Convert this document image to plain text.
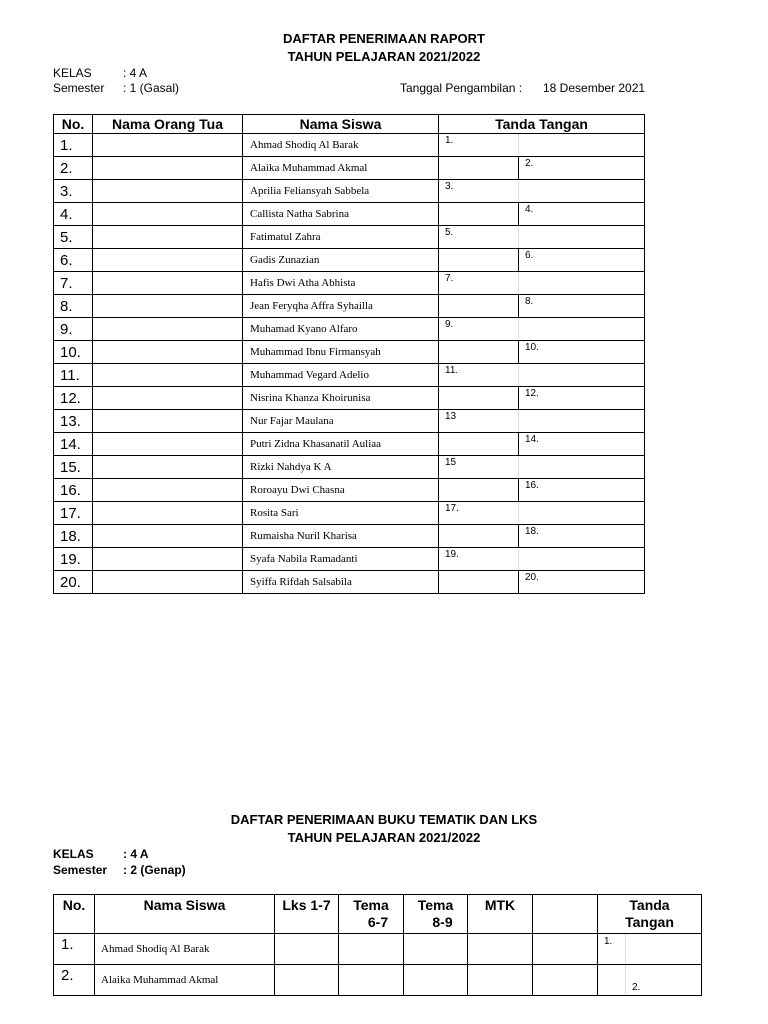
DAFTAR PENERIMAAN RAPORT
TAHUN PELAJARAN 2021/2022
KELAS	: 4 A
Semester : 1 (Gasal)	Tanggal Pengambilan : 18 Desember 2021
No.	Nama Orang Tua	Nama Siswa	Tanda Tangan	
1.		Ahmad Shodiq Al Barak	1.	
2.		Alaika Muhammad Akmal		2.
3.		Aprilia Feliansyah Sabbela	3.	
4.		Callista Natha Sabrina		4.
5.		Fatimatul Zahra	5.	
6.		Gadis Zunazian		6.
7.		Hafis Dwi Atha Abhista	7.	
8.		Jean Feryqha Affra Syhailla		8.
9.		Muhamad Kyano Alfaro	9.	
10.		Muhammad Ibnu Firmansyah		10.
11.		Muhammad Vegard Adelio	11.	
12.		Nisrina Khanza Khoirunisa		12.
13.		Nur Fajar Maulana	13	
14.		Putri Zidna Khasanatil Auliaa		14.
15.		Rizki Nahdya K A	15	
16.		Roroayu Dwi Chasna		16.
17.		Rosita Sari	17.	
18.		Rumaisha Nuril Kharisa		18.
19.		Syafa Nabila Ramadanti	19.	
20.		Syiffa Rifdah Salsabila		20.
DAFTAR PENERIMAAN BUKU TEMATIK DAN LKS
TAHUN PELAJARAN 2021/2022
KELAS : 4 A
Semester : 2 (Genap)
No.	Nama Siswa	Lks 1-7	Tema
6-7	Tema
8-9	MTK		Tanda
Tangan	
1.	Ahmad Shodiq Al Barak						1.	
2.	Alaika Muhammad Akmal							2.
